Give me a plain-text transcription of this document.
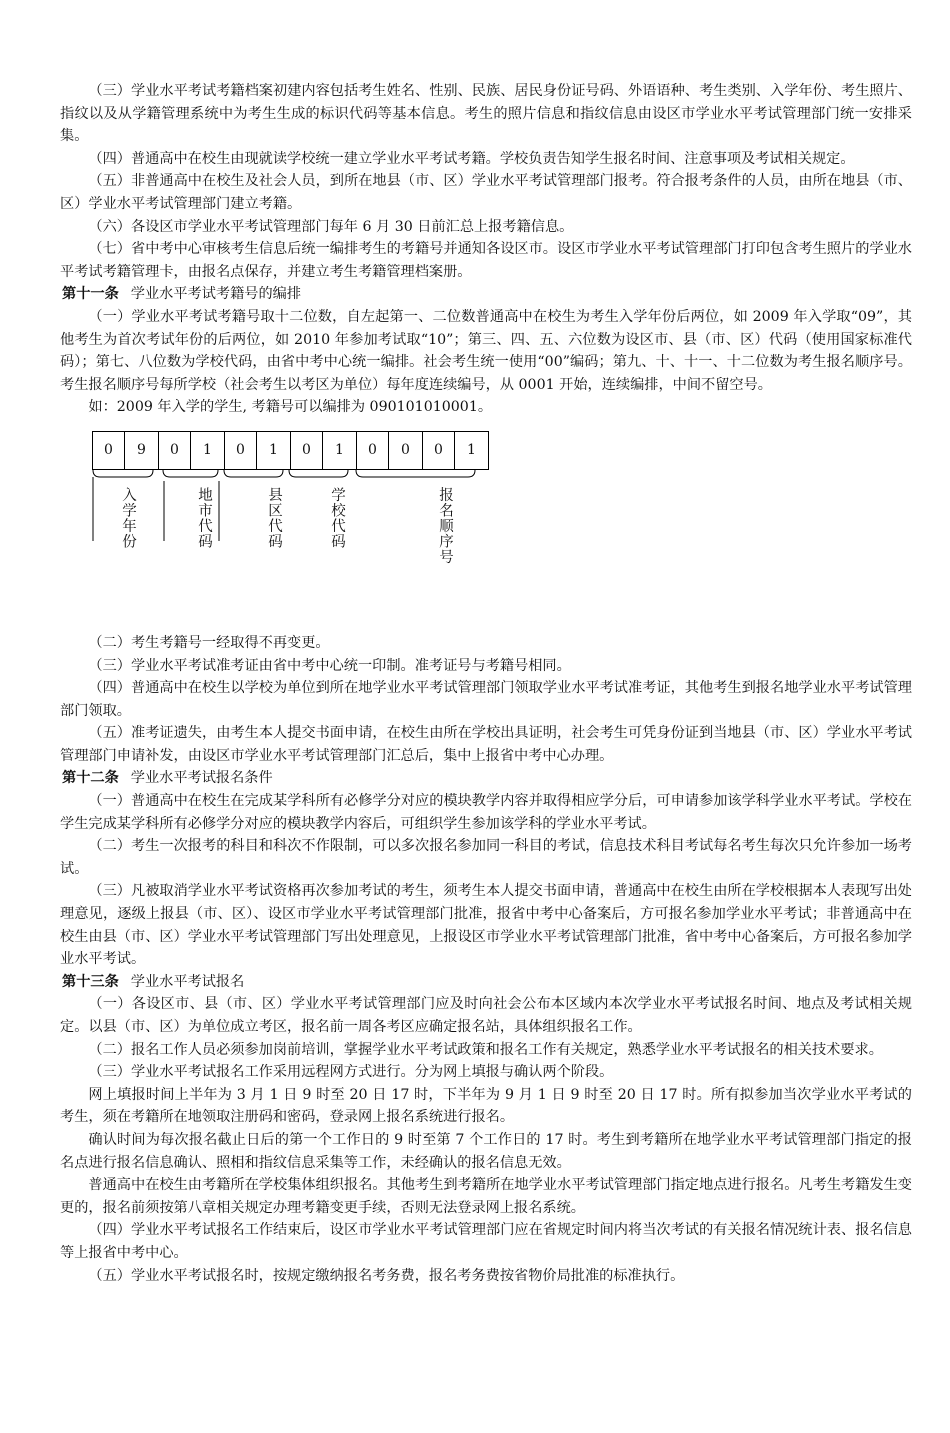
（三）学业水平考试考籍档案初建内容包括考生姓名、性别、民族、居民身份证号码、外语语种、考生类别、入学年份、考生照片、指纹以及从学籍管理系统中为考生生成的标识代码等基本信息。考生的照片信息和指纹信息由设区市学业水平考试管理部门统一安排采集。

（四）普通高中在校生由现就读学校统一建立学业水平考试考籍。学校负责告知学生报名时间、注意事项及考试相关规定。

（五）非普通高中在校生及社会人员，到所在地县（市、区）学业水平考试管理部门报考。符合报考条件的人员，由所在地县（市、区）学业水平考试管理部门建立考籍。

（六）各设区市学业水平考试管理部门每年 6 月 30 日前汇总上报考籍信息。

（七）省中考中心审核考生信息后统一编排考生的考籍号并通知各设区市。设区市学业水平考试管理部门打印包含考生照片的学业水平考试考籍管理卡，由报名点保存，并建立考生考籍管理档案册。

第十一条 学业水平考试考籍号的编排

（一）学业水平考试考籍号取十二位数，自左起第一、二位数普通高中在校生为考生入学年份后两位，如 2009 年入学取“09”，其他考生为首次考试年份的后两位，如 2010 年参加考试取“10”；第三、四、五、六位数为设区市、县（市、区）代码（使用国家标准代码）；第七、八位数为学校代码，由省中考中心统一编排。社会考生统一使用“00”编码；第九、十、十一、十二位数为考生报名顺序号。考生报名顺序号每所学校（社会考生以考区为单位）每年度连续编号，从 0001 开始，连续编排，中间不留空号。

如：2009 年入学的学生, 考籍号可以编排为 090101010001。

0	9	0	1	0	1	0	1	0	0	0	1
入学年份	地市代码	县区代码	学校代码	报名顺序号

（二）考生考籍号一经取得不再变更。

（三）学业水平考试准考证由省中考中心统一印制。准考证号与考籍号相同。

（四）普通高中在校生以学校为单位到所在地学业水平考试管理部门领取学业水平考试准考证，其他考生到报名地学业水平考试管理部门领取。

（五）准考证遗失，由考生本人提交书面申请，在校生由所在学校出具证明，社会考生可凭身份证到当地县（市、区）学业水平考试管理部门申请补发，由设区市学业水平考试管理部门汇总后，集中上报省中考中心办理。

第十二条 学业水平考试报名条件

（一）普通高中在校生在完成某学科所有必修学分对应的模块教学内容并取得相应学分后，可申请参加该学科学业水平考试。学校在学生完成某学科所有必修学分对应的模块教学内容后，可组织学生参加该学科的学业水平考试。

（二）考生一次报考的科目和科次不作限制，可以多次报名参加同一科目的考试，信息技术科目考试每名考生每次只允许参加一场考试。

（三）凡被取消学业水平考试资格再次参加考试的考生，须考生本人提交书面申请，普通高中在校生由所在学校根据本人表现写出处理意见，逐级上报县（市、区）、设区市学业水平考试管理部门批准，报省中考中心备案后，方可报名参加学业水平考试；非普通高中在校生由县（市、区）学业水平考试管理部门写出处理意见，上报设区市学业水平考试管理部门批准，省中考中心备案后，方可报名参加学业水平考试。

第十三条 学业水平考试报名

（一）各设区市、县（市、区）学业水平考试管理部门应及时向社会公布本区域内本次学业水平考试报名时间、地点及考试相关规定。以县（市、区）为单位成立考区，报名前一周各考区应确定报名站，具体组织报名工作。

（二）报名工作人员必须参加岗前培训，掌握学业水平考试政策和报名工作有关规定，熟悉学业水平考试报名的相关技术要求。

（三）学业水平考试报名工作采用远程网方式进行。分为网上填报与确认两个阶段。

网上填报时间上半年为 3 月 1 日 9 时至 20 日 17 时，下半年为 9 月 1 日 9 时至 20 日 17 时。所有拟参加当次学业水平考试的考生，须在考籍所在地领取注册码和密码，登录网上报名系统进行报名。

确认时间为每次报名截止日后的第一个工作日的 9 时至第 7 个工作日的 17 时。考生到考籍所在地学业水平考试管理部门指定的报名点进行报名信息确认、照相和指纹信息采集等工作，未经确认的报名信息无效。

普通高中在校生由考籍所在学校集体组织报名。其他考生到考籍所在地学业水平考试管理部门指定地点进行报名。凡考生考籍发生变更的，报名前须按第八章相关规定办理考籍变更手续，否则无法登录网上报名系统。

（四）学业水平考试报名工作结束后，设区市学业水平考试管理部门应在省规定时间内将当次考试的有关报名情况统计表、报名信息等上报省中考中心。

（五）学业水平考试报名时，按规定缴纳报名考务费，报名考务费按省物价局批准的标准执行。
